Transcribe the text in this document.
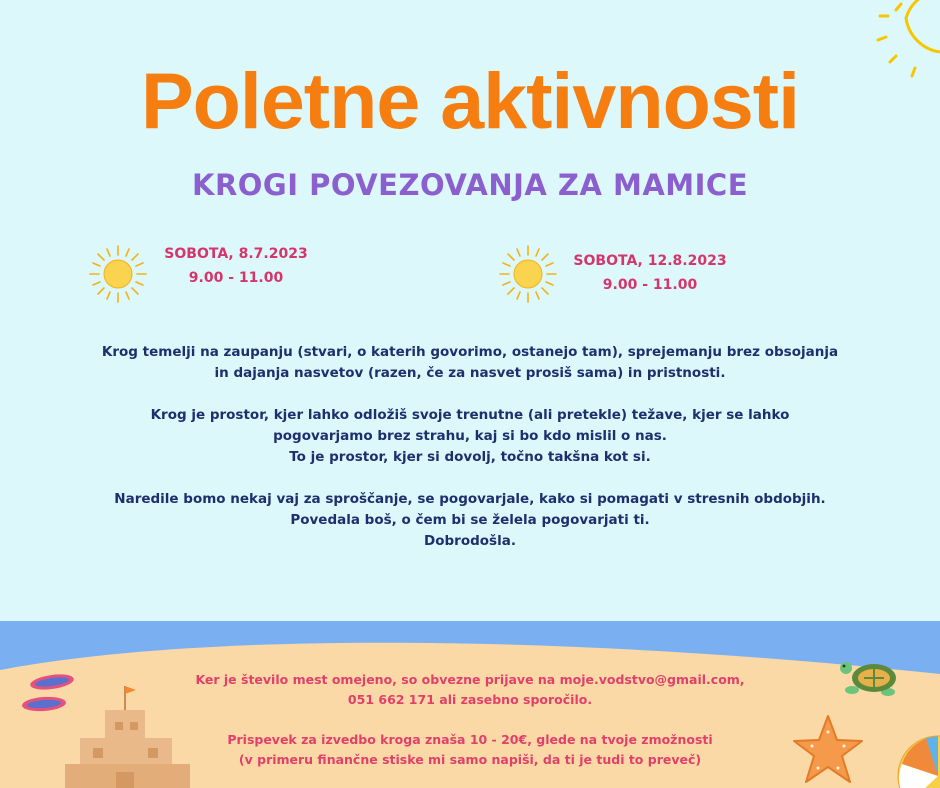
Poletne aktivnosti
KROGI POVEZOVANJA ZA MAMICE
SOBOTA, 8.7.2023
9.00 - 11.00
SOBOTA, 12.8.2023
9.00 - 11.00

Krog temelji na zaupanju (stvari, o katerih govorimo, ostanejo tam), sprejemanju brez obsojanja
in dajanja nasvetov (razen, če za nasvet prosiš sama) in pristnosti.

Krog je prostor, kjer lahko odložiš svoje trenutne (ali pretekle) težave, kjer se lahko
pogovarjamo brez strahu, kaj si bo kdo mislil o nas.
To je prostor, kjer si dovolj, točno takšna kot si.

Naredile bomo nekaj vaj za sproščanje, se pogovarjale, kako si pomagati v stresnih obdobjih.
Povedala boš, o čem bi se želela pogovarjati ti.
Dobrodošla.

Ker je število mest omejeno, so obvezne prijave na moje.vodstvo@gmail.com,
051 662 171 ali zasebno sporočilo.

Prispevek za izvedbo kroga znaša 10 - 20€, glede na tvoje zmožnosti
(v primeru finančne stiske mi samo napiši, da ti je tudi to preveč)
